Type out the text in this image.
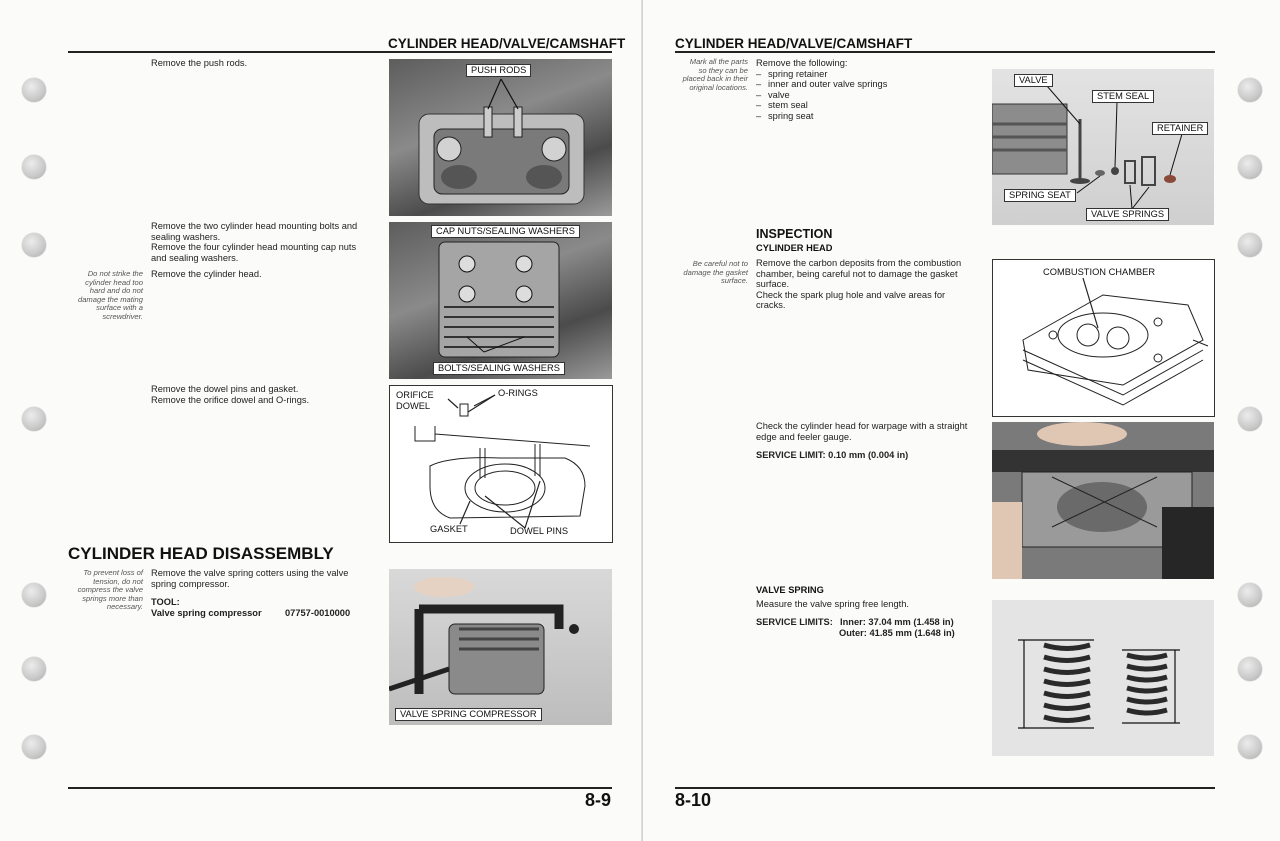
CYLINDER HEAD/VALVE/CAMSHAFT
Remove the push rods.
PUSH RODS
Remove the two cylinder head mounting bolts and
sealing washers.
Remove the four cylinder head mounting cap nuts
and sealing washers.
Remove the cylinder head.
Do not strike the
cylinder head too
hard and do not
damage the mating
surface with a
screwdriver.
CAP NUTS/SEALING WASHERS
BOLTS/SEALING WASHERS
Remove the dowel pins and gasket.
Remove the orifice dowel and O-rings.	ORIFICE
DOWEL
O-RINGS
GASKET	DOWEL PINS
CYLINDER HEAD DISASSEMBLY
To prevent loss of
tension, do not
compress the valve
springs more than
necessary.
Remove the valve spring cotters using the valve
spring compressor.
TOOL:
Valve spring compressor	07757-0010000
VALVE SPRING COMPRESSOR
8-9
CYLINDER HEAD/VALVE/CAMSHAFT
Mark all the parts
so they can be
placed back in their
original locations.
Remove the following:
– spring retainer
– inner and outer valve springs
– valve
– stem seal
– spring seat
VALVE
STEM SEAL
RETAINER
SPRING SEAT
VALVE SPRINGS
INSPECTION
CYLINDER HEAD
Be careful not to
damage the gasket
surface.
Remove the carbon deposits from the combustion
chamber, being careful not to damage the gasket
surface.
Check the spark plug hole and valve areas for
cracks.
COMBUSTION CHAMBER
Check the cylinder head for warpage with a straight
edge and feeler gauge.
SERVICE LIMIT: 0.10 mm (0.004 in)
VALVE SPRING
Measure the valve spring free length.
SERVICE LIMITS: Inner: 37.04 mm (1.458 in)
Outer: 41.85 mm (1.648 in)
8-10
